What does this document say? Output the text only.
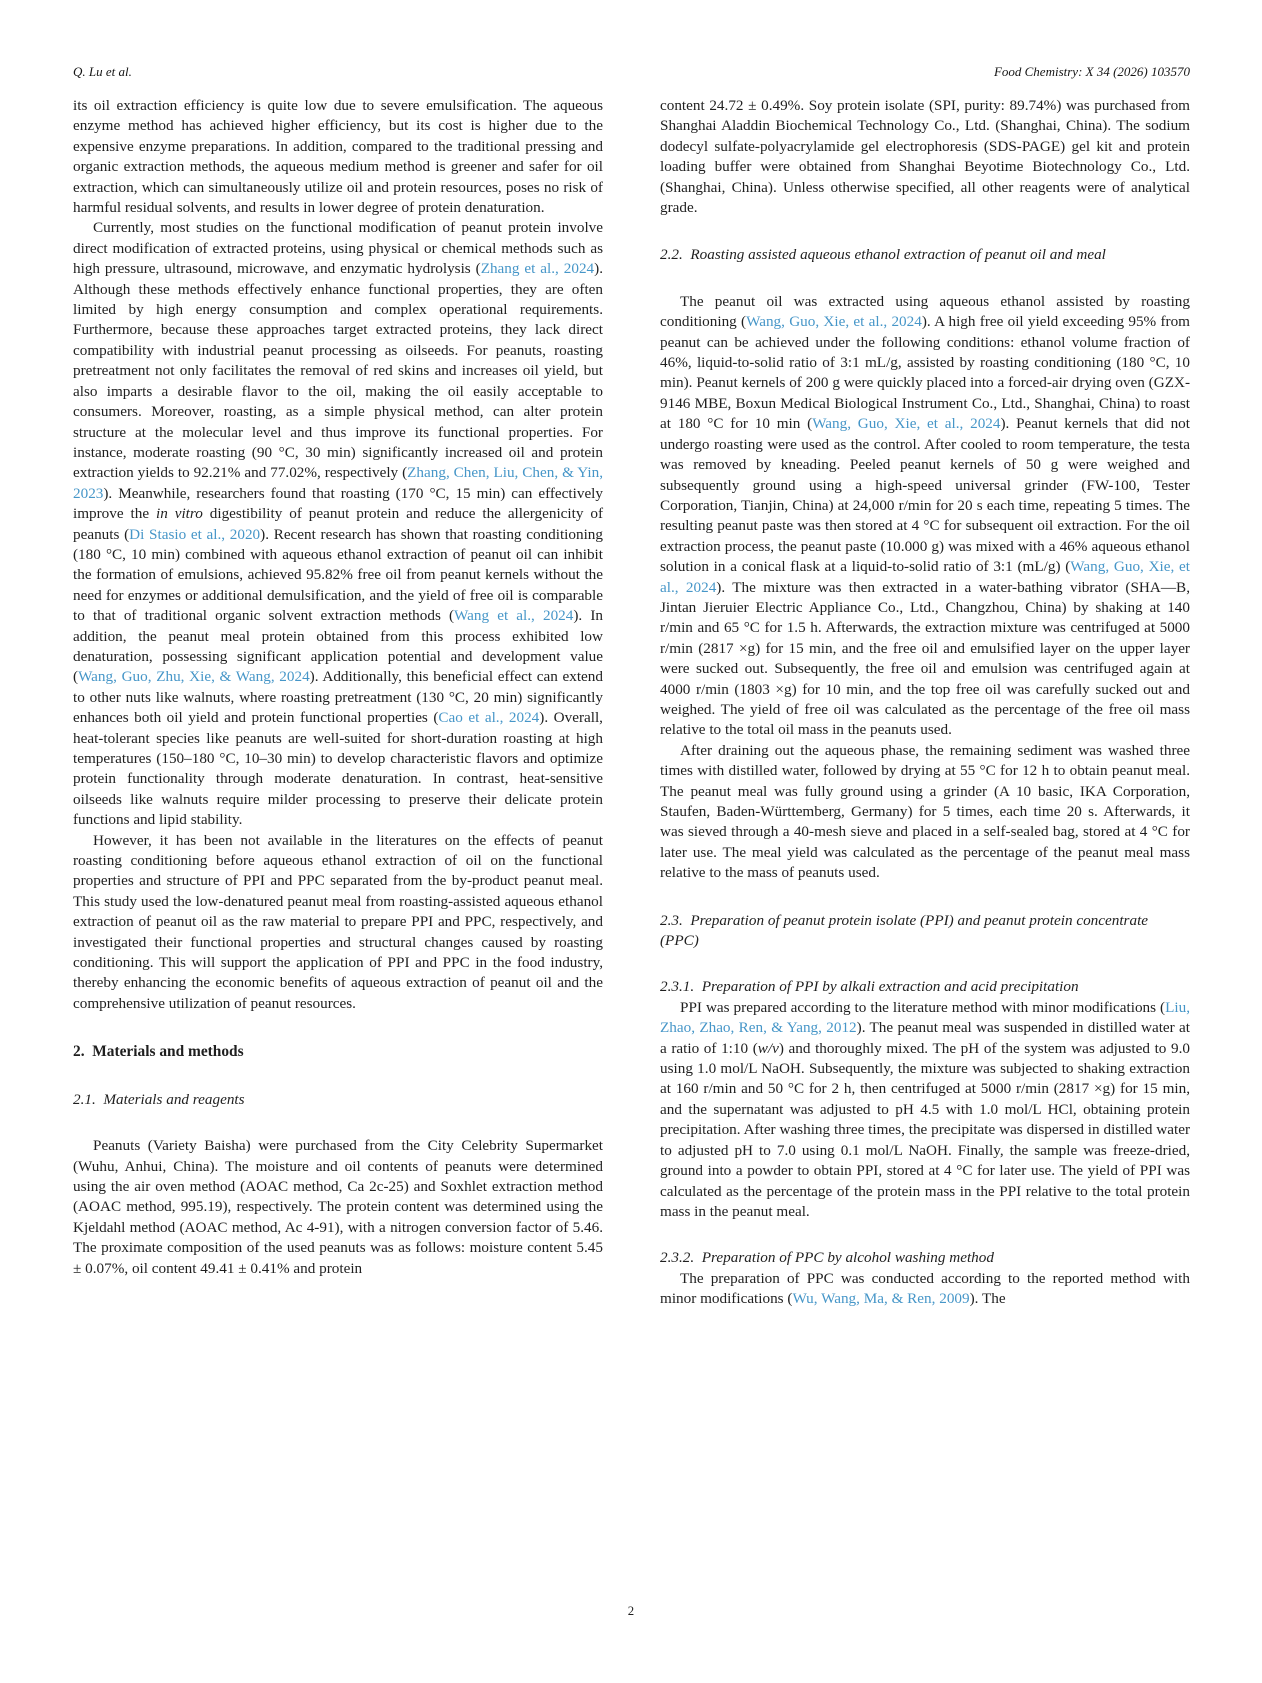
Q. Lu et al.	Food Chemistry: X 34 (2026) 103570

its oil extraction efficiency is quite low due to severe emulsification. The aqueous enzyme method has achieved higher efficiency, but its cost is higher due to the expensive enzyme preparations. In addition, compared to the traditional pressing and organic extraction methods, the aqueous medium method is greener and safer for oil extraction, which can simultaneously utilize oil and protein resources, poses no risk of harmful residual solvents, and results in lower degree of protein denaturation.

Currently, most studies on the functional modification of peanut protein involve direct modification of extracted proteins, using physical or chemical methods such as high pressure, ultrasound, microwave, and enzymatic hydrolysis (Zhang et al., 2024). Although these methods effectively enhance functional properties, they are often limited by high energy consumption and complex operational requirements. Furthermore, because these approaches target extracted proteins, they lack direct compatibility with industrial peanut processing as oilseeds. For peanuts, roasting pretreatment not only facilitates the removal of red skins and increases oil yield, but also imparts a desirable flavor to the oil, making the oil easily acceptable to consumers. Moreover, roasting, as a simple physical method, can alter protein structure at the molecular level and thus improve its functional properties. For instance, moderate roasting (90 °C, 30 min) significantly increased oil and protein extraction yields to 92.21% and 77.02%, respectively (Zhang, Chen, Liu, Chen, & Yin, 2023). Meanwhile, researchers found that roasting (170 °C, 15 min) can effectively improve the in vitro digestibility of peanut protein and reduce the allergenicity of peanuts (Di Stasio et al., 2020). Recent research has shown that roasting conditioning (180 °C, 10 min) combined with aqueous ethanol extraction of peanut oil can inhibit the formation of emulsions, achieved 95.82% free oil from peanut kernels without the need for enzymes or additional demulsification, and the yield of free oil is comparable to that of traditional organic solvent extraction methods (Wang et al., 2024). In addition, the peanut meal protein obtained from this process exhibited low denaturation, possessing significant application potential and development value (Wang, Guo, Zhu, Xie, & Wang, 2024). Additionally, this beneficial effect can extend to other nuts like walnuts, where roasting pretreatment (130 °C, 20 min) significantly enhances both oil yield and protein functional properties (Cao et al., 2024). Overall, heat-tolerant species like peanuts are well-suited for short-duration roasting at high temperatures (150–180 °C, 10–30 min) to develop characteristic flavors and optimize protein functionality through moderate denaturation. In contrast, heat-sensitive oilseeds like walnuts require milder processing to preserve their delicate protein functions and lipid stability.

However, it has been not available in the literatures on the effects of peanut roasting conditioning before aqueous ethanol extraction of oil on the functional properties and structure of PPI and PPC separated from the by-product peanut meal. This study used the low-denatured peanut meal from roasting-assisted aqueous ethanol extraction of peanut oil as the raw material to prepare PPI and PPC, respectively, and investigated their functional properties and structural changes caused by roasting conditioning. This will support the application of PPI and PPC in the food industry, thereby enhancing the economic benefits of aqueous extraction of peanut oil and the comprehensive utilization of peanut resources.

2. Materials and methods
2.1. Materials and reagents

Peanuts (Variety Baisha) were purchased from the City Celebrity Supermarket (Wuhu, Anhui, China). The moisture and oil contents of peanuts were determined using the air oven method (AOAC method, Ca 2c-25) and Soxhlet extraction method (AOAC method, 995.19), respectively. The protein content was determined using the Kjeldahl method (AOAC method, Ac 4-91), with a nitrogen conversion factor of 5.46. The proximate composition of the used peanuts was as follows: moisture content 5.45 ± 0.07%, oil content 49.41 ± 0.41% and protein

content 24.72 ± 0.49%. Soy protein isolate (SPI, purity: 89.74%) was purchased from Shanghai Aladdin Biochemical Technology Co., Ltd. (Shanghai, China). The sodium dodecyl sulfate-polyacrylamide gel electrophoresis (SDS-PAGE) gel kit and protein loading buffer were obtained from Shanghai Beyotime Biotechnology Co., Ltd. (Shanghai, China). Unless otherwise specified, all other reagents were of analytical grade.

2.2. Roasting assisted aqueous ethanol extraction of peanut oil and meal

The peanut oil was extracted using aqueous ethanol assisted by roasting conditioning (Wang, Guo, Xie, et al., 2024). A high free oil yield exceeding 95% from peanut can be achieved under the following conditions: ethanol volume fraction of 46%, liquid-to-solid ratio of 3:1 mL/g, assisted by roasting conditioning (180 °C, 10 min). Peanut kernels of 200 g were quickly placed into a forced-air drying oven (GZX-9146 MBE, Boxun Medical Biological Instrument Co., Ltd., Shanghai, China) to roast at 180 °C for 10 min (Wang, Guo, Xie, et al., 2024). Peanut kernels that did not undergo roasting were used as the control. After cooled to room temperature, the testa was removed by kneading. Peeled peanut kernels of 50 g were weighed and subsequently ground using a high-speed universal grinder (FW-100, Tester Corporation, Tianjin, China) at 24,000 r/min for 20 s each time, repeating 5 times. The resulting peanut paste was then stored at 4 °C for subsequent oil extraction. For the oil extraction process, the peanut paste (10.000 g) was mixed with a 46% aqueous ethanol solution in a conical flask at a liquid-to-solid ratio of 3:1 (mL/g) (Wang, Guo, Xie, et al., 2024). The mixture was then extracted in a water-bathing vibrator (SHA—B, Jintan Jieruier Electric Appliance Co., Ltd., Changzhou, China) by shaking at 140 r/min and 65 °C for 1.5 h. Afterwards, the extraction mixture was centrifuged at 5000 r/min (2817 ×g) for 15 min, and the free oil and emulsified layer on the upper layer were sucked out. Subsequently, the free oil and emulsion was centrifuged again at 4000 r/min (1803 ×g) for 10 min, and the top free oil was carefully sucked out and weighed. The yield of free oil was calculated as the percentage of the free oil mass relative to the total oil mass in the peanuts used.

After draining out the aqueous phase, the remaining sediment was washed three times with distilled water, followed by drying at 55 °C for 12 h to obtain peanut meal. The peanut meal was fully ground using a grinder (A 10 basic, IKA Corporation, Staufen, Baden-Württemberg, Germany) for 5 times, each time 20 s. Afterwards, it was sieved through a 40-mesh sieve and placed in a self-sealed bag, stored at 4 °C for later use. The meal yield was calculated as the percentage of the peanut meal mass relative to the mass of peanuts used.

2.3. Preparation of peanut protein isolate (PPI) and peanut protein concentrate (PPC)
2.3.1. Preparation of PPI by alkali extraction and acid precipitation

PPI was prepared according to the literature method with minor modifications (Liu, Zhao, Zhao, Ren, & Yang, 2012). The peanut meal was suspended in distilled water at a ratio of 1:10 (w/v) and thoroughly mixed. The pH of the system was adjusted to 9.0 using 1.0 mol/L NaOH. Subsequently, the mixture was subjected to shaking extraction at 160 r/min and 50 °C for 2 h, then centrifuged at 5000 r/min (2817 ×g) for 15 min, and the supernatant was adjusted to pH 4.5 with 1.0 mol/L HCl, obtaining protein precipitation. After washing three times, the precipitate was dispersed in distilled water to adjusted pH to 7.0 using 0.1 mol/L NaOH. Finally, the sample was freeze-dried, ground into a powder to obtain PPI, stored at 4 °C for later use. The yield of PPI was calculated as the percentage of the protein mass in the PPI relative to the total protein mass in the peanut meal.

2.3.2. Preparation of PPC by alcohol washing method

The preparation of PPC was conducted according to the reported method with minor modifications (Wu, Wang, Ma, & Ren, 2009). The

2
